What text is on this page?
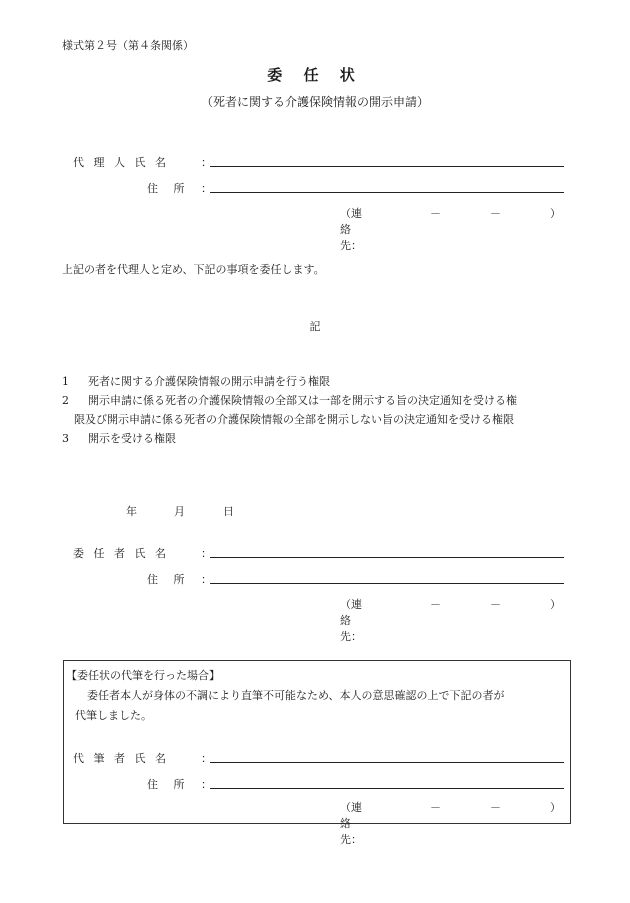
様式第２号（第４条関係）
委 任 状
（死者に関する介護保険情報の開示申請）
代 理 人 氏 名	：
住 所 ：
（連絡先：
－	－	）
上記の者を代理人と定め、下記の事項を委任します。
記
1 死者に関する介護保険情報の開示申請を行う権限
2 開示申請に係る死者の介護保険情報の全部又は一部を開示する旨の決定通知を受ける権
限及び開示申請に係る死者の介護保険情報の全部を開示しない旨の決定通知を受ける権限
3 開示を受ける権限
年	月	日
委 任 者 氏 名	：
住 所 ：
（連絡先：
－	－	）
【委任状の代筆を行った場合】
委任者本人が身体の不調により直筆不可能なため、本人の意思確認の上で下記の者が
代筆しました。
代 筆 者 氏 名	：
住 所 ：
（連絡先：
－	－	）
